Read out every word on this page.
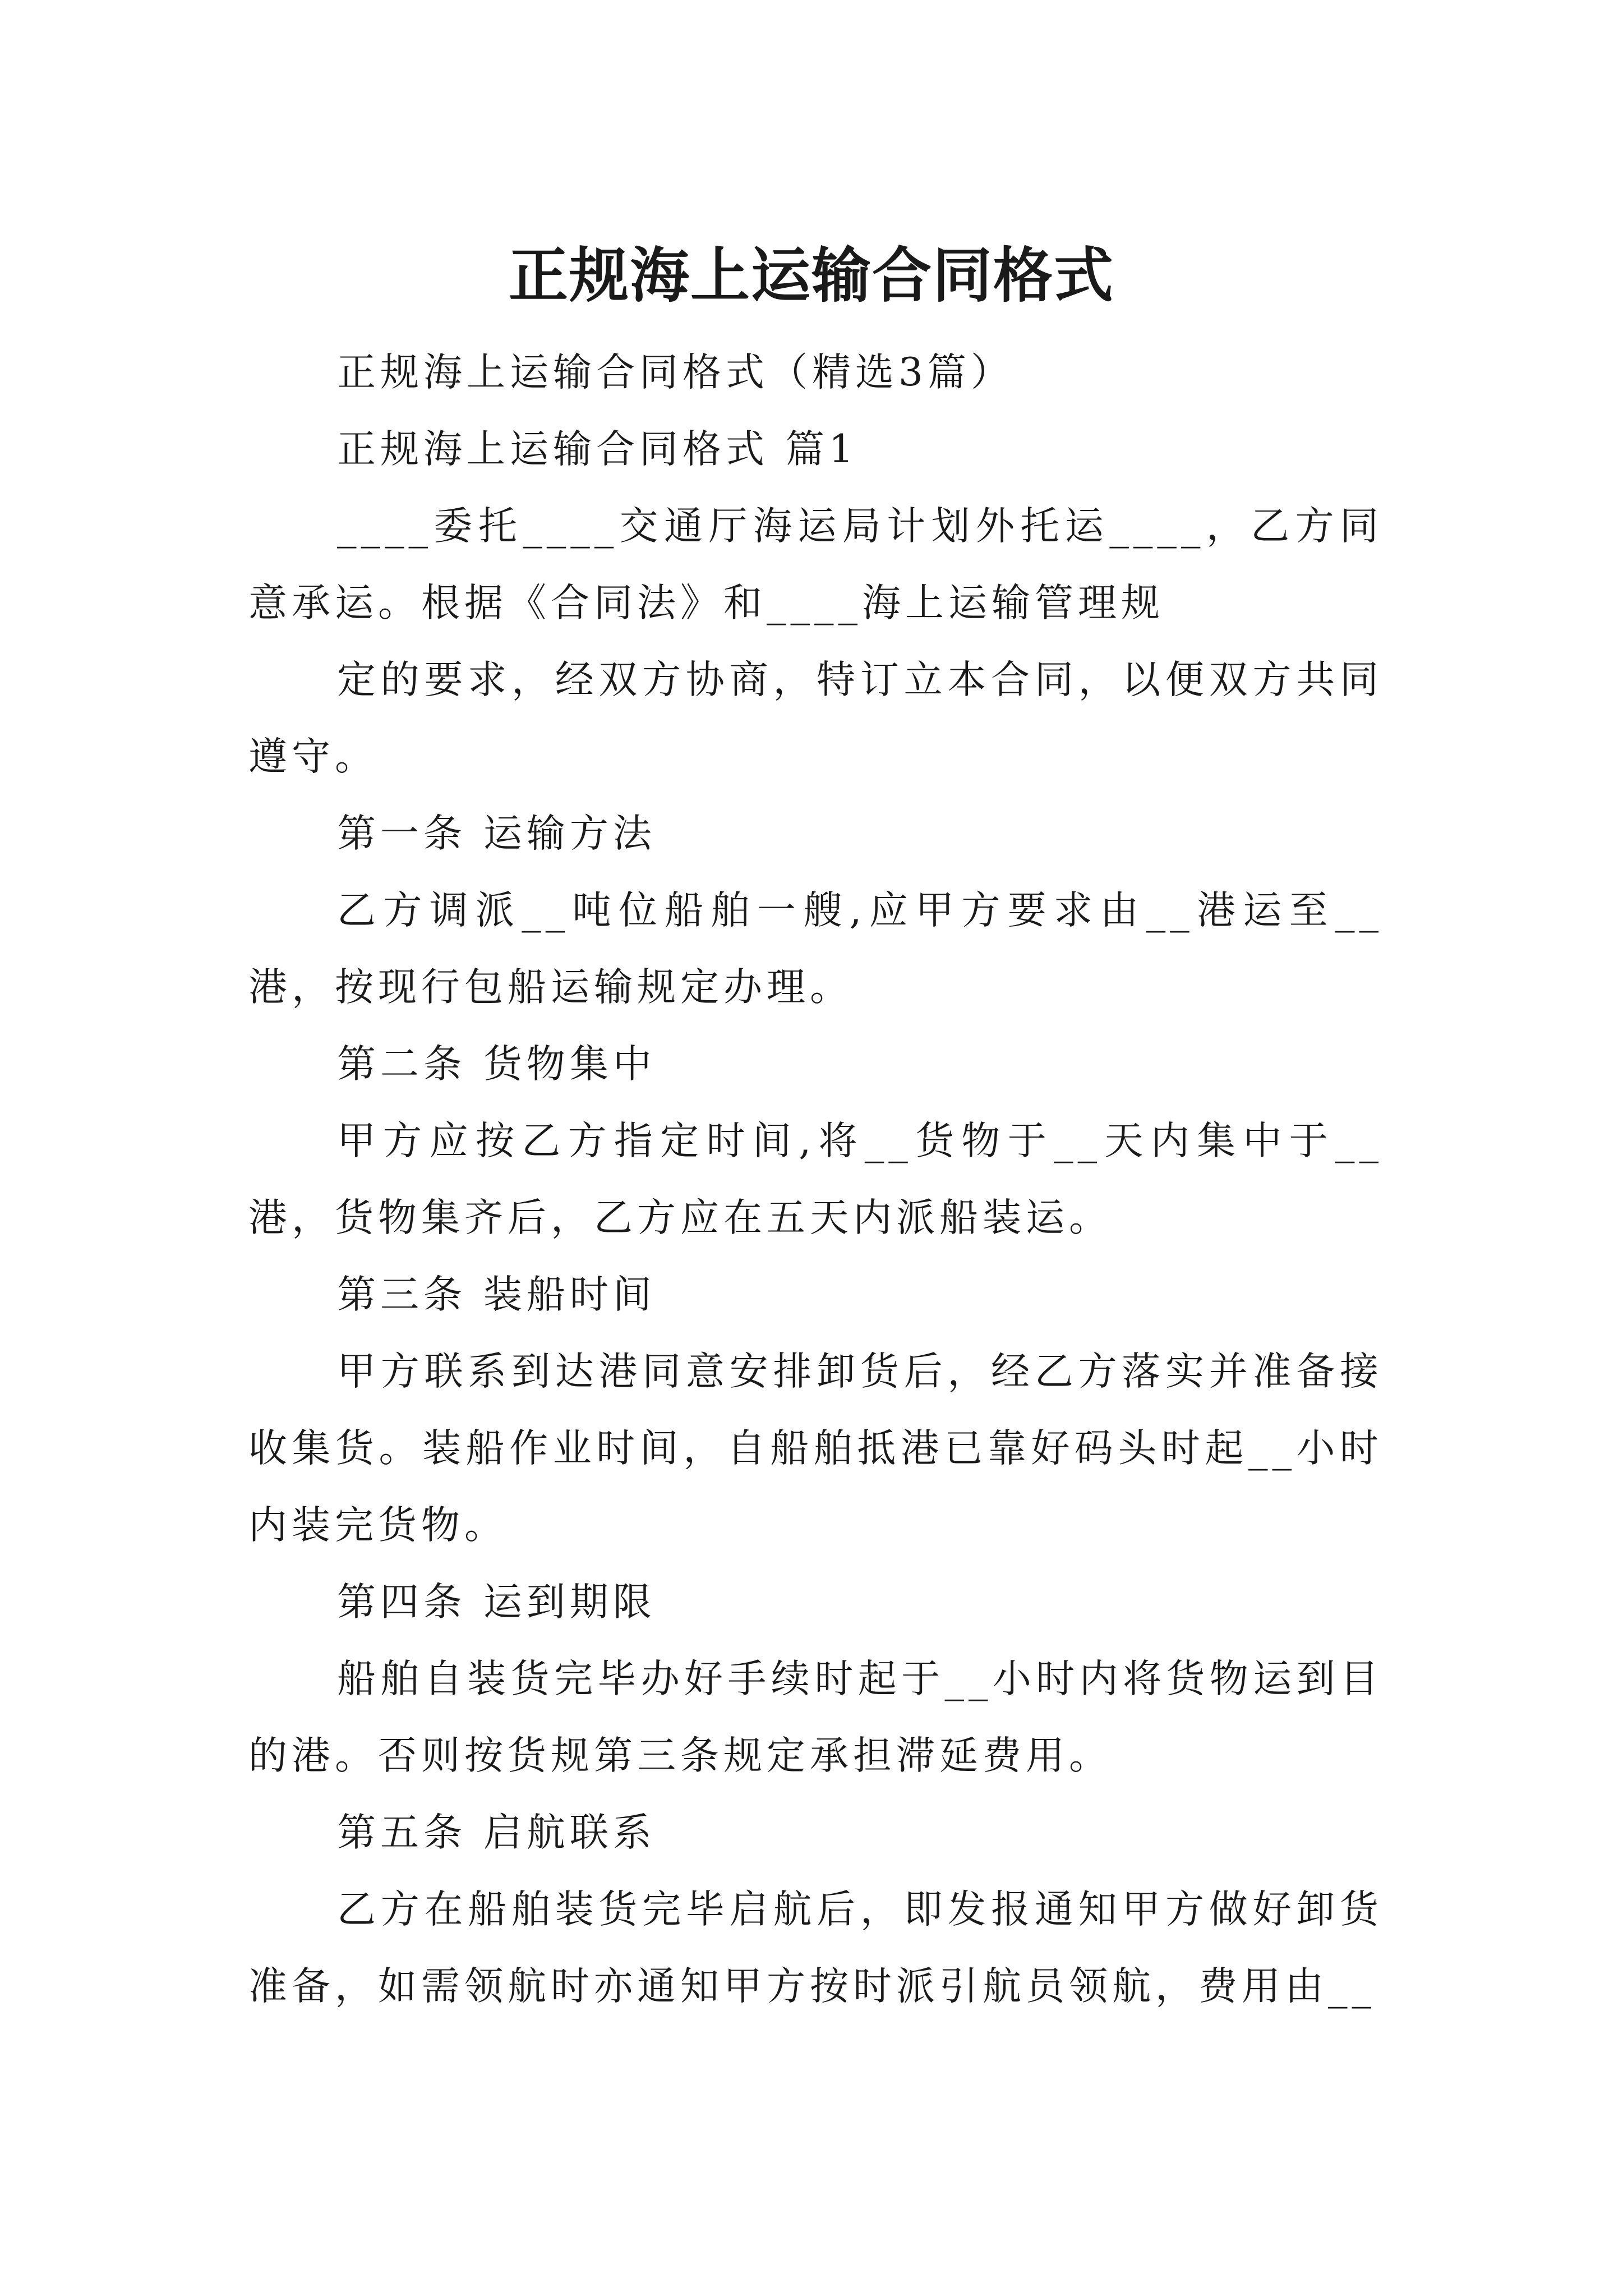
正规海上运输合同格式

正规海上运输合同格式（精选3篇）

正规海上运输合同格式 篇1

____委托____交通厅海运局计划外托运____，乙方同意承运。根据《合同法》和____海上运输管理规

定的要求，经双方协商，特订立本合同，以便双方共同遵守。

第一条 运输方法

乙方调派__吨位船舶一艘,应甲方要求由__港运至__港，按现行包船运输规定办理。

第二条 货物集中

甲方应按乙方指定时间,将__货物于__天内集中于__港，货物集齐后，乙方应在五天内派船装运。

第三条 装船时间

甲方联系到达港同意安排卸货后，经乙方落实并准备接收集货。装船作业时间，自船舶抵港已靠好码头时起__小时内装完货物。

第四条 运到期限

船舶自装货完毕办好手续时起于__小时内将货物运到目的港。否则按货规第三条规定承担滞延费用。

第五条 启航联系

乙方在船舶装货完毕启航后，即发报通知甲方做好卸货准备，如需领航时亦通知甲方按时派引航员领航，费用由__
